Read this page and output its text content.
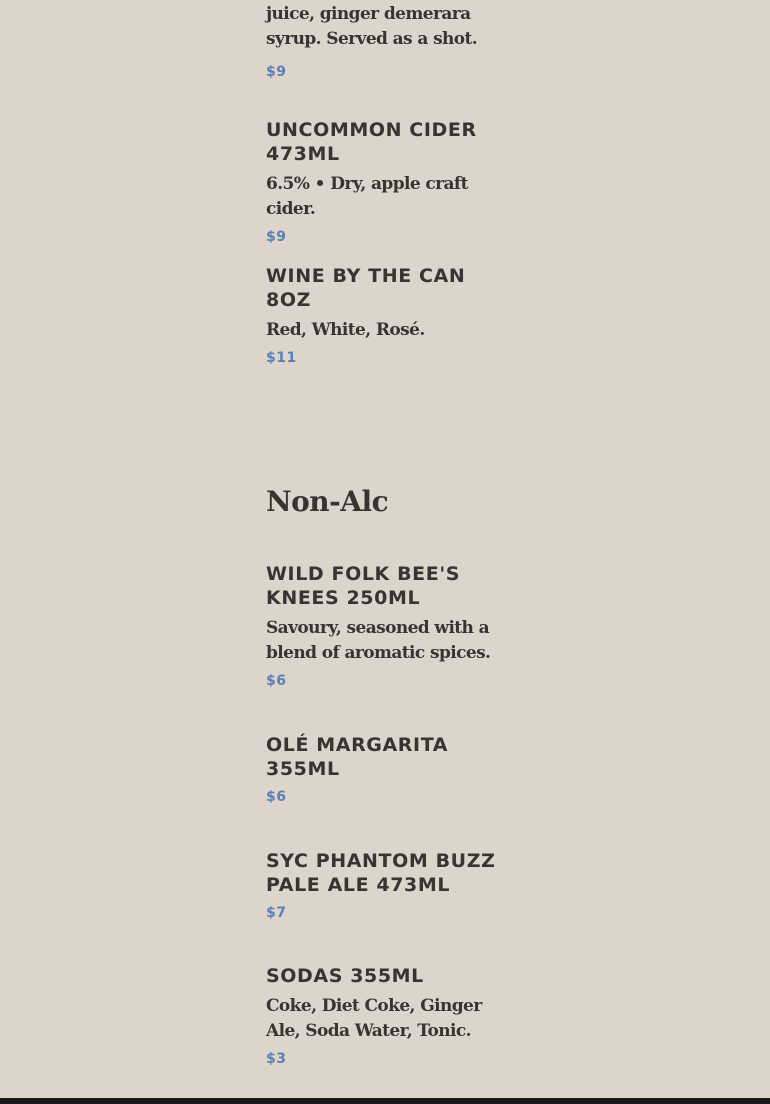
juice, ginger demerara syrup. Served as a shot.

$9

UNCOMMON CIDER 473ML

6.5% • Dry, apple craft cider.

$9

WINE BY THE CAN 8OZ

Red, White, Rosé.

$11

Non-Alc

WILD FOLK BEE'S KNEES 250ML

Savoury, seasoned with a blend of aromatic spices.

$6

OLÉ MARGARITA 355ML

$6

SYC PHANTOM BUZZ PALE ALE 473ML

$7

SODAS 355ML

Coke, Diet Coke, Ginger Ale, Soda Water, Tonic.

$3
